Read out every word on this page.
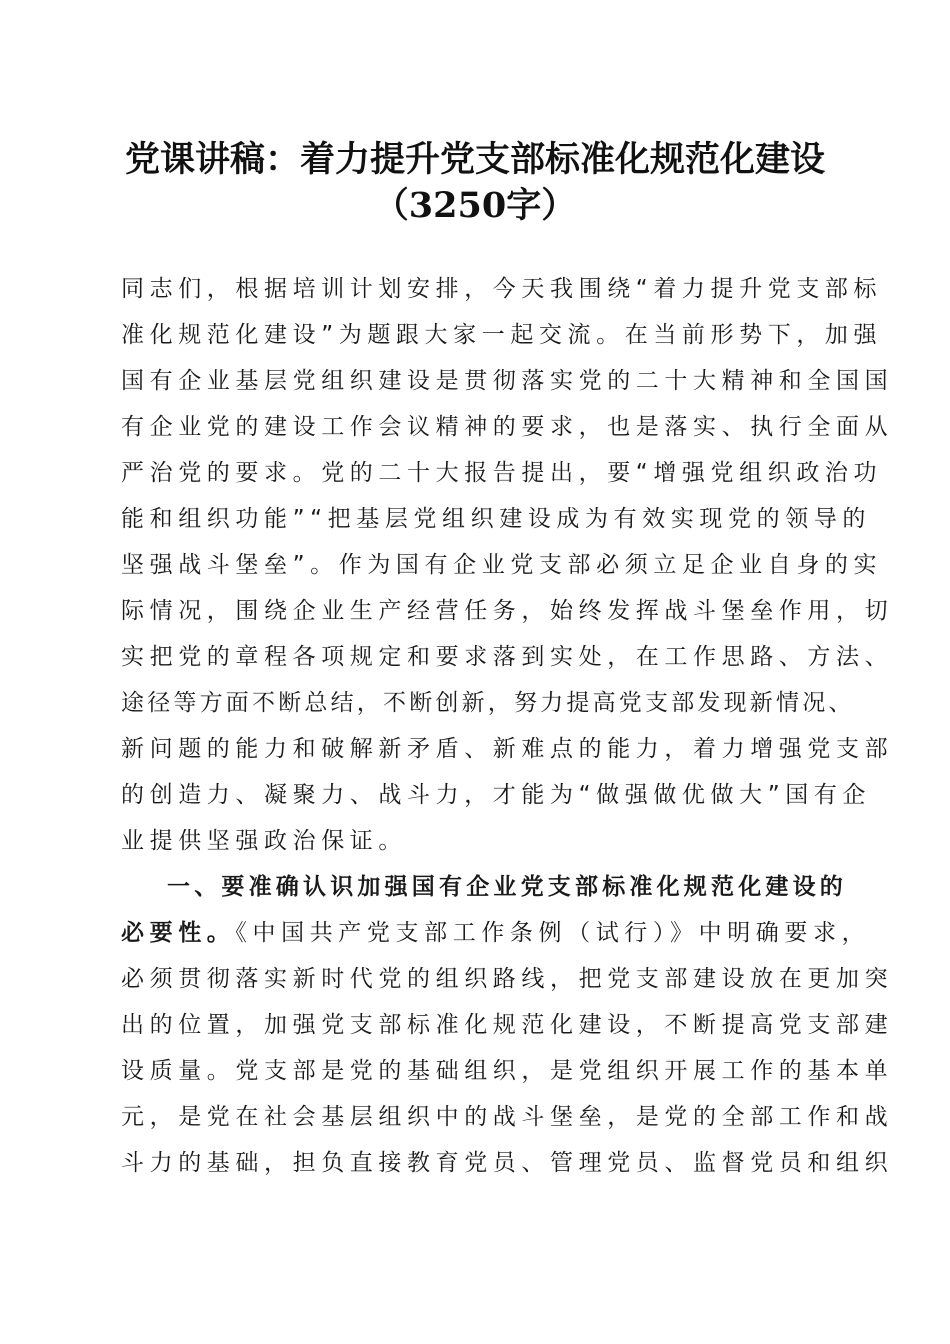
党课讲稿：着力提升党支部标准化规范化建设
（3250字）
同志们，根据培训计划安排，今天我围绕“着力提升党支部标
准化规范化建设”为题跟大家一起交流。在当前形势下，加强
国有企业基层党组织建设是贯彻落实党的二十大精神和全国国
有企业党的建设工作会议精神的要求，也是落实、执行全面从
严治党的要求。党的二十大报告提出，要“增强党组织政治功
能和组织功能”“把基层党组织建设成为有效实现党的领导的
坚强战斗堡垒”。作为国有企业党支部必须立足企业自身的实
际情况，围绕企业生产经营任务，始终发挥战斗堡垒作用，切
实把党的章程各项规定和要求落到实处，在工作思路、方法、
途径等方面不断总结，不断创新，努力提高党支部发现新情况、
新问题的能力和破解新矛盾、新难点的能力，着力增强党支部
的创造力、凝聚力、战斗力，才能为“做强做优做大”国有企
业提供坚强政治保证。
一、要准确认识加强国有企业党支部标准化规范化建设的
必要性。《中国共产党支部工作条例（试行）》中明确要求，
必须贯彻落实新时代党的组织路线，把党支部建设放在更加突
出的位置，加强党支部标准化规范化建设，不断提高党支部建
设质量。党支部是党的基础组织，是党组织开展工作的基本单
元，是党在社会基层组织中的战斗堡垒，是党的全部工作和战
斗力的基础，担负直接教育党员、管理党员、监督党员和组织
